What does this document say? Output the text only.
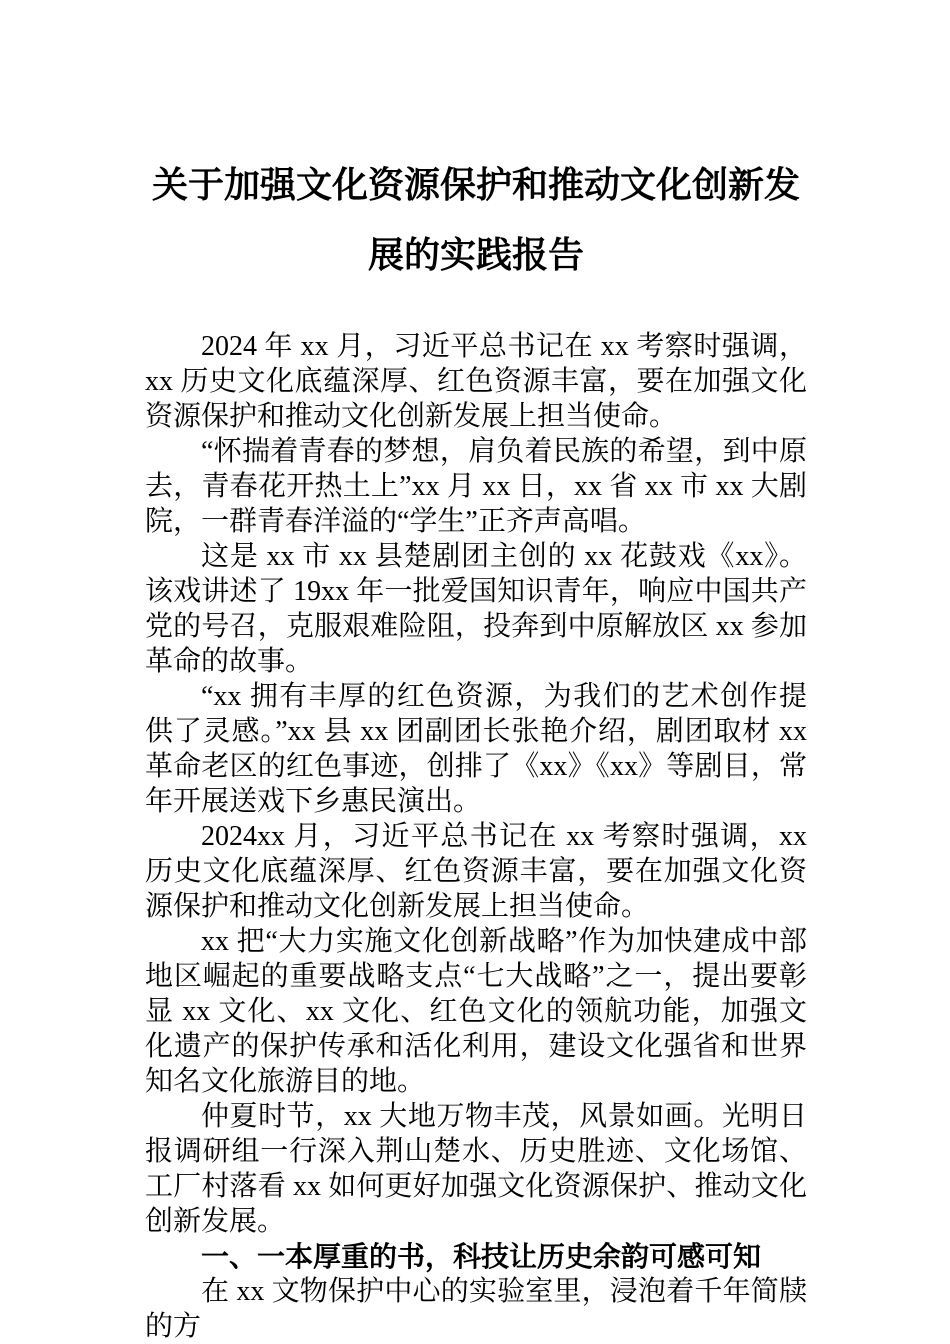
关于加强文化资源保护和推动文化创新发展的实践报告

2024 年 xx 月，习近平总书记在 xx 考察时强调，xx 历史文化底蕴深厚、红色资源丰富，要在加强文化资源保护和推动文化创新发展上担当使命。

“怀揣着青春的梦想，肩负着民族的希望，到中原去，青春花开热土上”xx 月 xx 日，xx 省 xx 市 xx 大剧院，一群青春洋溢的“学生”正齐声高唱。

这是 xx 市 xx 县楚剧团主创的 xx 花鼓戏《xx》。该戏讲述了 19xx 年一批爱国知识青年，响应中国共产党的号召，克服艰难险阻，投奔到中原解放区 xx 参加革命的故事。

“xx 拥有丰厚的红色资源，为我们的艺术创作提供了灵感。”xx 县 xx 团副团长张艳介绍，剧团取材 xx 革命老区的红色事迹，创排了《xx》《xx》等剧目，常年开展送戏下乡惠民演出。

2024xx 月，习近平总书记在 xx 考察时强调，xx 历史文化底蕴深厚、红色资源丰富，要在加强文化资源保护和推动文化创新发展上担当使命。

xx 把“大力实施文化创新战略”作为加快建成中部地区崛起的重要战略支点“七大战略”之一，提出要彰显 xx 文化、xx 文化、红色文化的领航功能，加强文化遗产的保护传承和活化利用，建设文化强省和世界知名文化旅游目的地。

仲夏时节，xx 大地万物丰茂，风景如画。光明日报调研组一行深入荆山楚水、历史胜迹、文化场馆、工厂村落看 xx 如何更好加强文化资源保护、推动文化创新发展。

一、一本厚重的书，科技让历史余韵可感可知

在 xx 文物保护中心的实验室里，浸泡着千年简牍的方
